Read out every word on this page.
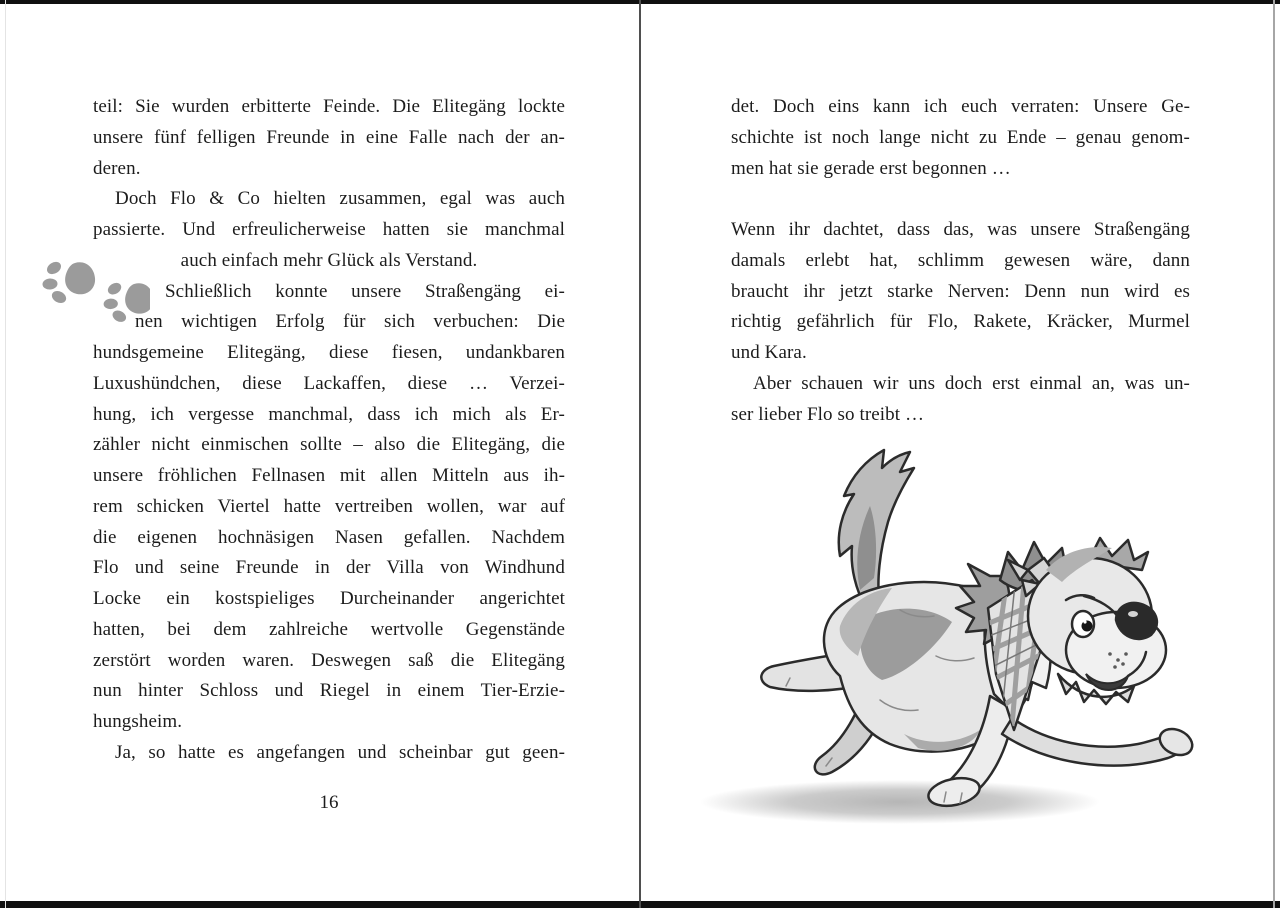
teil: Sie wurden erbitterte Feinde. Die Elitegäng lockte
unsere fünf felligen Freunde in eine Falle nach der an-
deren.
Doch Flo & Co hielten zusammen, egal was auch
passierte. Und erfreulicherweise hatten sie manchmal
auch einfach mehr Glück als Verstand.
Schließlich konnte unsere Straßengäng ei-
nen wichtigen Erfolg für sich verbuchen: Die
hundsgemeine Elitegäng, diese fiesen, undankbaren
Luxushündchen, diese Lackaffen, diese … Verzei-
hung, ich vergesse manchmal, dass ich mich als Er-
zähler nicht einmischen sollte – also die Elitegäng, die
unsere fröhlichen Fellnasen mit allen Mitteln aus ih-
rem schicken Viertel hatte vertreiben wollen, war auf
die eigenen hochnäsigen Nasen gefallen. Nachdem
Flo und seine Freunde in der Villa von Windhund
Locke ein kostspieliges Durcheinander angerichtet
hatten, bei dem zahlreiche wertvolle Gegenstände
zerstört worden waren. Deswegen saß die Elitegäng
nun hinter Schloss und Riegel in einem Tier-Erzie-
hungsheim.
Ja, so hatte es angefangen und scheinbar gut geen-
16
det. Doch eins kann ich euch verraten: Unsere Ge-
schichte ist noch lange nicht zu Ende – genau genom-
men hat sie gerade erst begonnen …

Wenn ihr dachtet, dass das, was unsere Straßengäng
damals erlebt hat, schlimm gewesen wäre, dann
braucht ihr jetzt starke Nerven: Denn nun wird es
richtig gefährlich für Flo, Rakete, Kräcker, Murmel
und Kara.
Aber schauen wir uns doch erst einmal an, was un-
ser lieber Flo so treibt …
